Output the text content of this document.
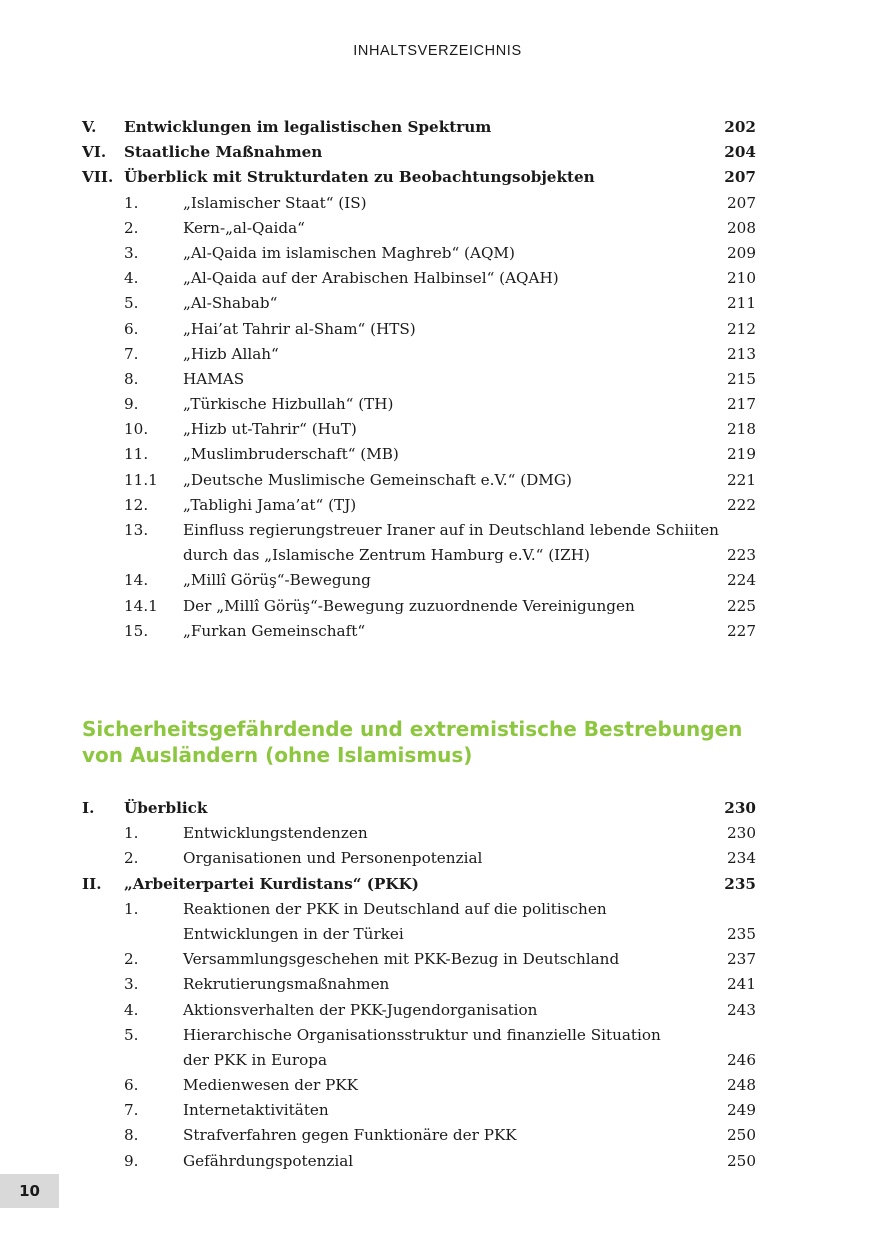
INHALTSVERZEICHNIS
V. Entwicklungen im legalistischen Spektrum	202
VI. Staatliche Maßnahmen	204
VII. Überblick mit Strukturdaten zu Beobachtungsobjekten	207
1.	„Islamischer Staat“ (IS)	207
2.	Kern-„al-Qaida“	208
3.	„Al-Qaida im islamischen Maghreb“ (AQM)	209
4.	„Al-Qaida auf der Arabischen Halbinsel“ (AQAH)	210
5.	„Al-Shabab“	211
6.	„Hai’at Tahrir al-Sham“ (HTS)	212
7.	„Hizb Allah“	213
8.	HAMAS	215
9.	„Türkische Hizbullah“ (TH)	217
10. „Hizb ut-Tahrir“ (HuT)	218
11. „Muslimbruderschaft“ (MB)	219
11.1 „Deutsche Muslimische Gemeinschaft e.V.“ (DMG)	221
12. „Tablighi Jama’at“ (TJ)	222
13. Einfluss regierungstreuer Iraner auf in Deutschland lebende Schiiten
durch das „Islamische Zentrum Hamburg e.V.“ (IZH)	223
14. „Millî Görüş“-Bewegung	224
14.1 Der „Millî Görüş“-Bewegung zuzuordnende Vereinigungen	225
15. „Furkan Gemeinschaft“	227
Sicherheitsgefährdende und extremistische Bestrebungen
von Ausländern (ohne Islamismus)
I. Überblick	230
1.	Entwicklungstendenzen	230
2.	Organisationen und Personenpotenzial	234
II. „Arbeiterpartei Kurdistans“ (PKK)	235
1.	Reaktionen der PKK in Deutschland auf die politischen
Entwicklungen in der Türkei	235
2.	Versammlungsgeschehen mit PKK-Bezug in Deutschland	237
3.	Rekrutierungsmaßnahmen	241
4.	Aktionsverhalten der PKK-Jugendorganisation	243
5.	Hierarchische Organisationsstruktur und finanzielle Situation
der PKK in Europa	246
6.	Medienwesen der PKK	248
7.	Internetaktivitäten	249
8.	Strafverfahren gegen Funktionäre der PKK	250
9.	Gefährdungspotenzial	250
10
